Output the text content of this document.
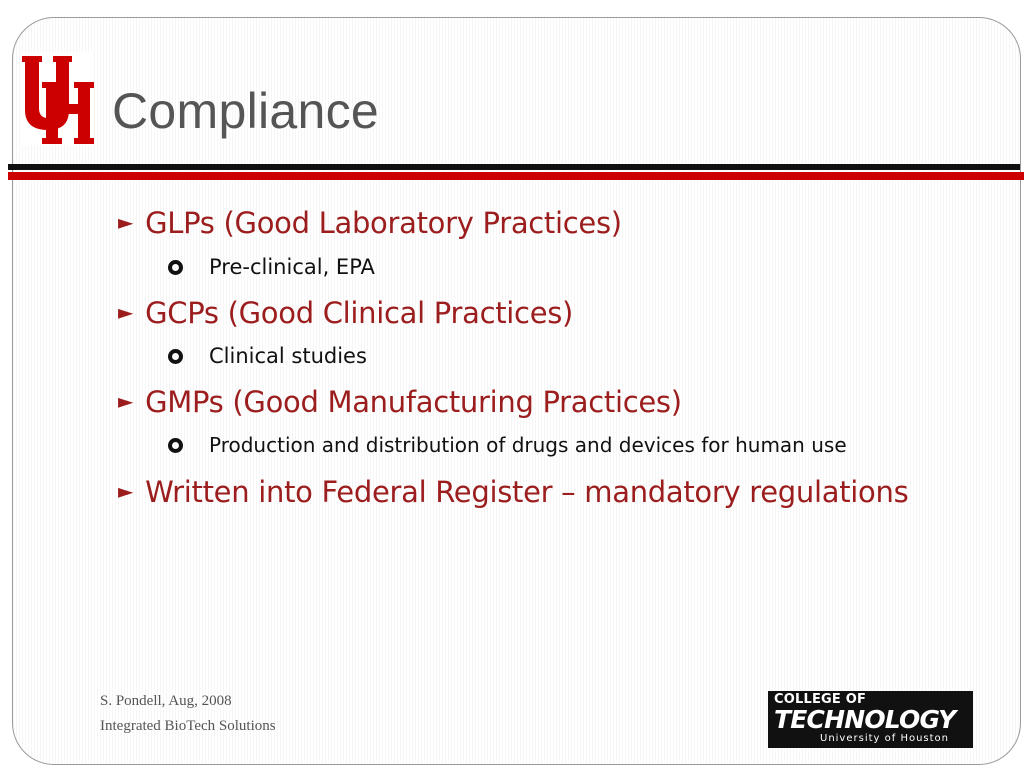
Compliance
► GLPs (Good Laboratory Practices)
Pre-clinical, EPA
► GCPs (Good Clinical Practices)
Clinical studies
► GMPs (Good Manufacturing Practices)
Production and distribution of drugs and devices for human use
► Written into Federal Register – mandatory regulations
S. Pondell, Aug, 2008
Integrated BioTech Solutions
COLLEGE OF
TECHNOLOGY
University of Houston
